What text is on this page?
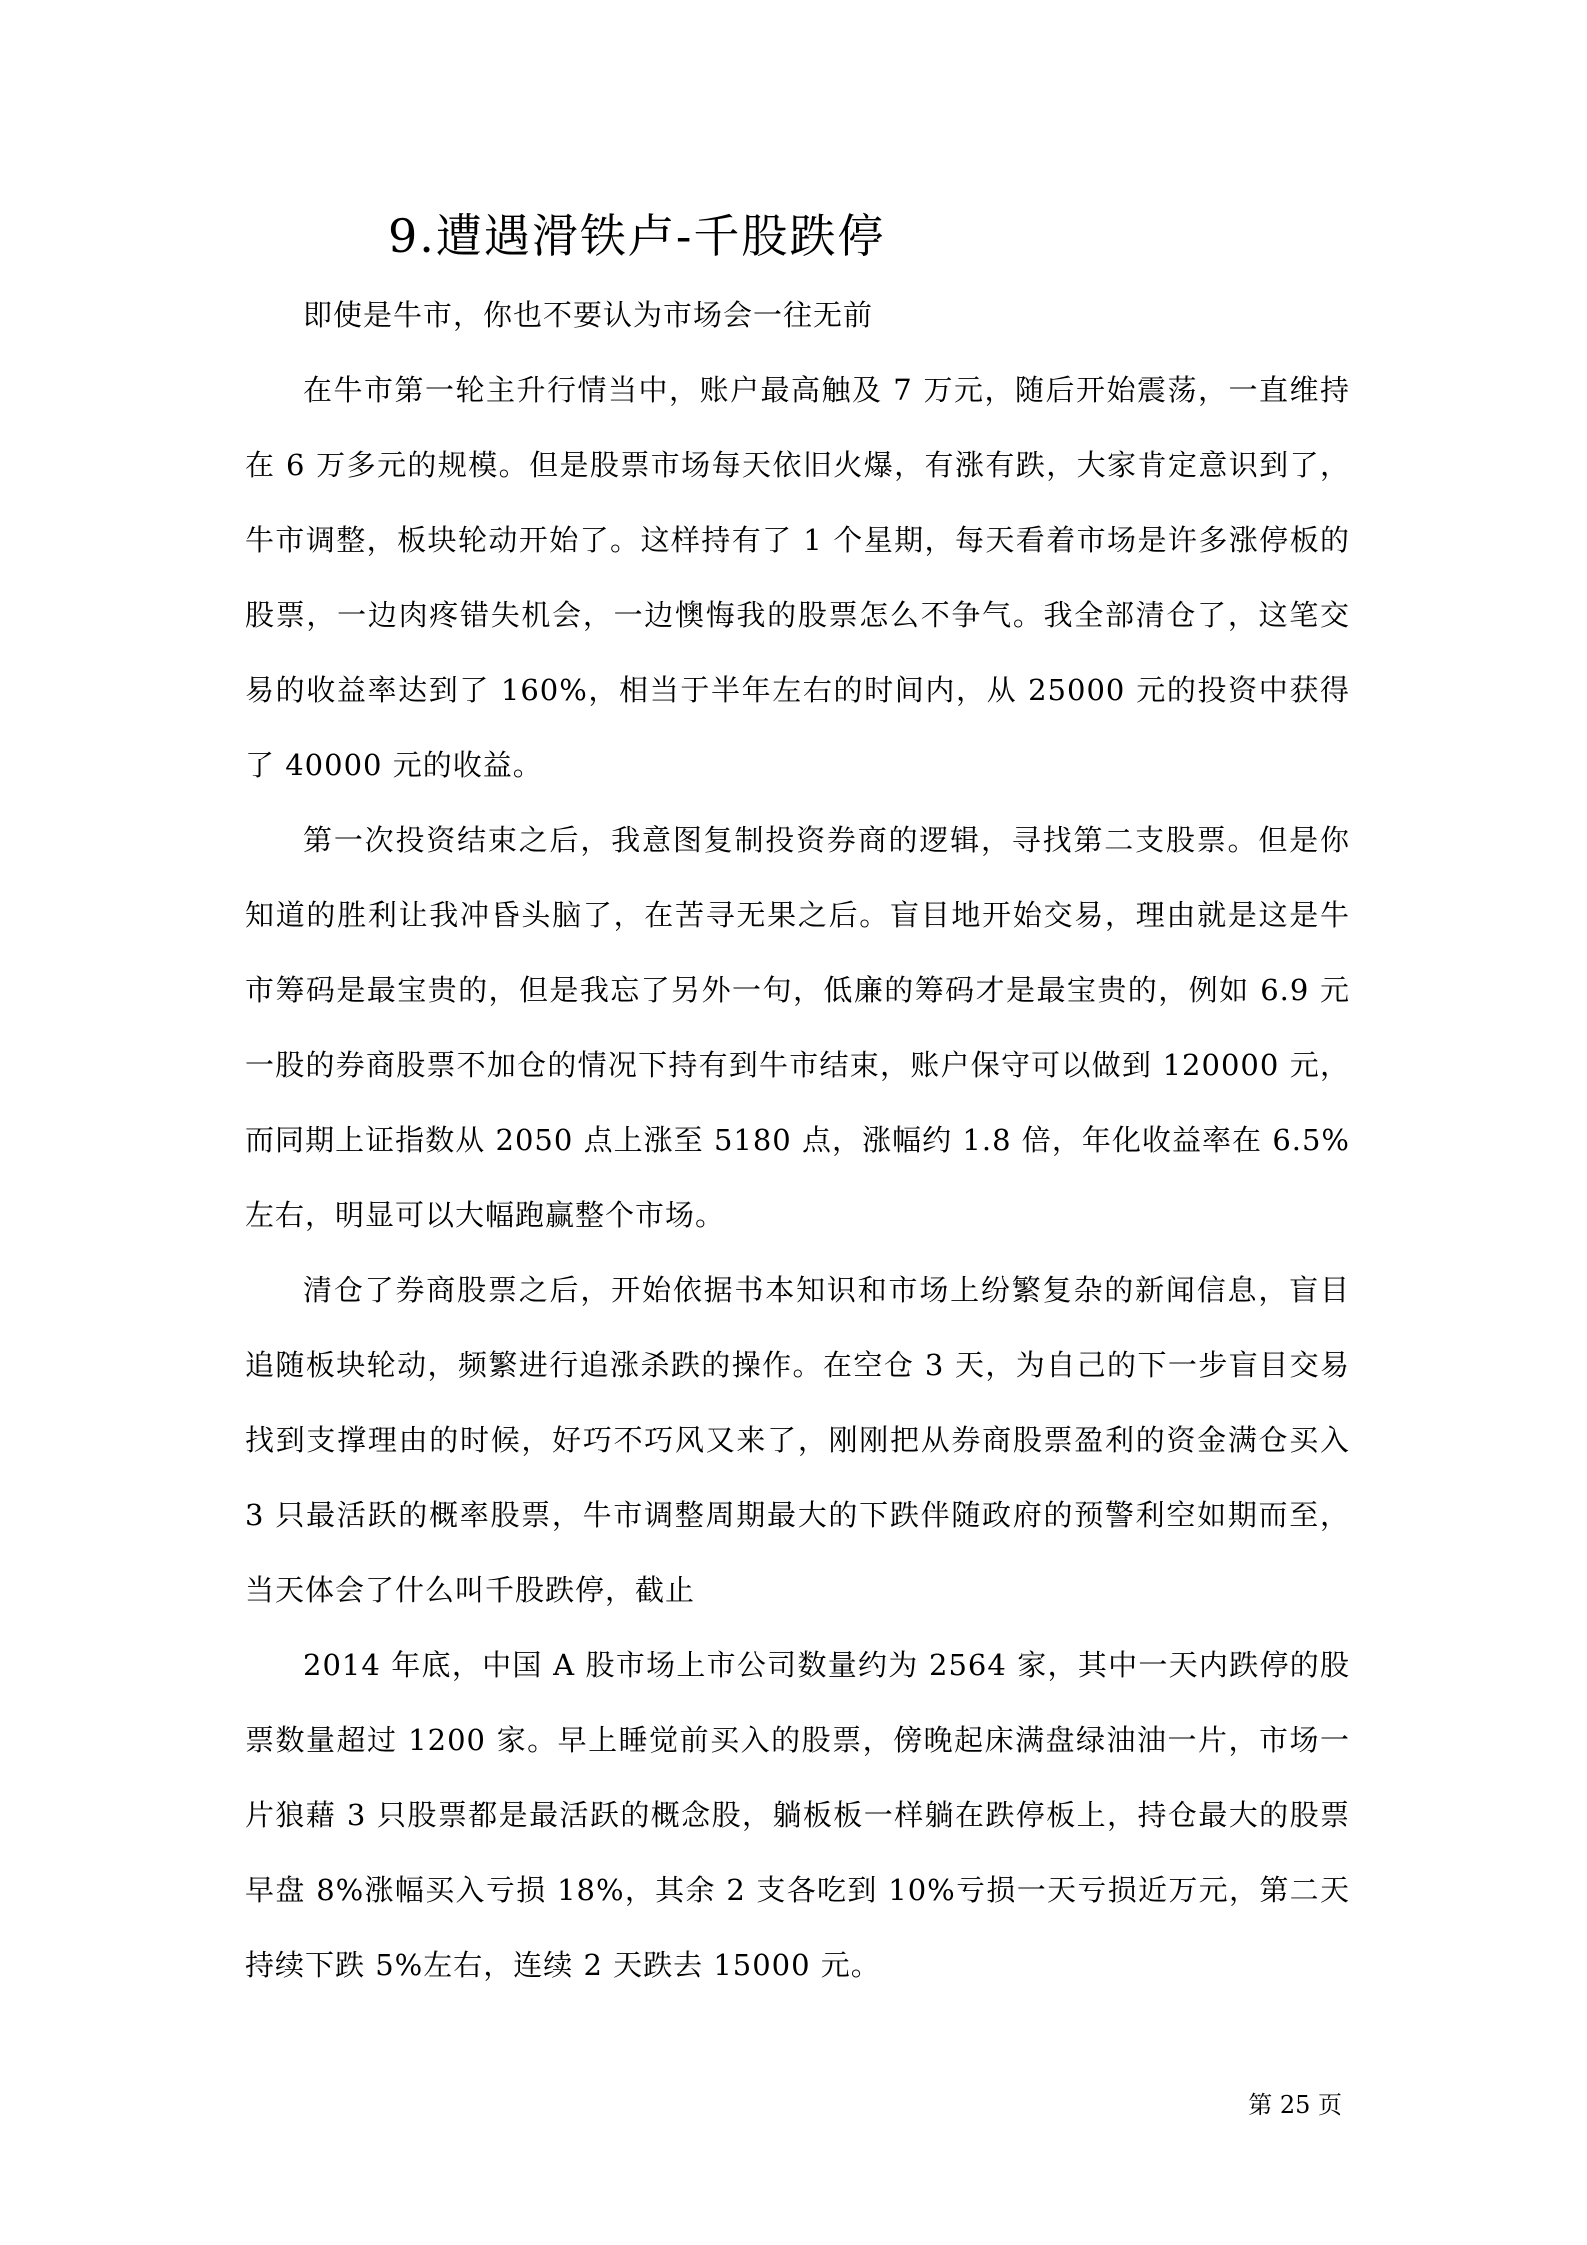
9.遭遇滑铁卢-千股跌停

即使是牛市，你也不要认为市场会一往无前

在牛市第一轮主升行情当中，账户最高触及 7 万元，随后开始震荡，一直维持在 6 万多元的规模。但是股票市场每天依旧火爆，有涨有跌，大家肯定意识到了，牛市调整，板块轮动开始了。这样持有了 1 个星期，每天看着市场是许多涨停板的股票，一边肉疼错失机会，一边懊悔我的股票怎么不争气。我全部清仓了，这笔交易的收益率达到了 160%，相当于半年左右的时间内，从 25000 元的投资中获得了 40000 元的收益。

第一次投资结束之后，我意图复制投资券商的逻辑，寻找第二支股票。但是你知道的胜利让我冲昏头脑了，在苦寻无果之后。盲目地开始交易，理由就是这是牛市筹码是最宝贵的，但是我忘了另外一句，低廉的筹码才是最宝贵的，例如 6.9 元一股的券商股票不加仓的情况下持有到牛市结束，账户保守可以做到 120000 元，而同期上证指数从 2050 点上涨至 5180 点，涨幅约 1.8 倍，年化收益率在 6.5%左右，明显可以大幅跑赢整个市场。

清仓了券商股票之后，开始依据书本知识和市场上纷繁复杂的新闻信息，盲目追随板块轮动，频繁进行追涨杀跌的操作。在空仓 3 天，为自己的下一步盲目交易找到支撑理由的时候，好巧不巧风又来了，刚刚把从券商股票盈利的资金满仓买入 3 只最活跃的概率股票，牛市调整周期最大的下跌伴随政府的预警利空如期而至，当天体会了什么叫千股跌停，截止

2014 年底，中国 A 股市场上市公司数量约为 2564 家，其中一天内跌停的股票数量超过 1200 家。早上睡觉前买入的股票，傍晚起床满盘绿油油一片，市场一片狼藉 3 只股票都是最活跃的概念股，躺板板一样躺在跌停板上，持仓最大的股票早盘 8%涨幅买入亏损 18%，其余 2 支各吃到 10%亏损一天亏损近万元，第二天持续下跌 5%左右，连续 2 天跌去 15000 元。

第 25 页
